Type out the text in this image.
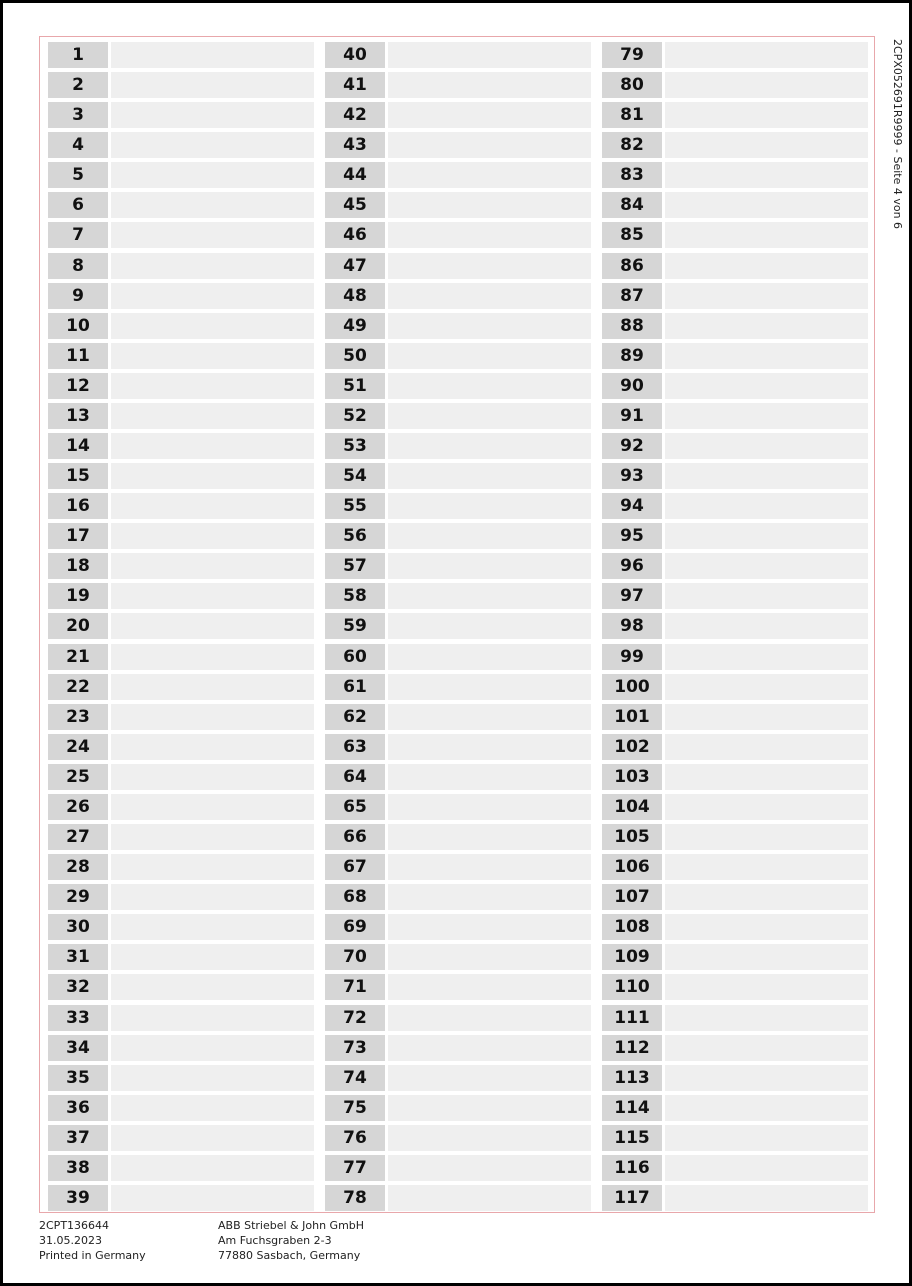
1
2
3
4
5
6
7
8
9
10
11
12
13
14
15
16
17
18
19
20
21
22
23
24
25
26
27
28
29
30
31
32
33
34
35
36
37
38
39
40
41
42
43
44
45
46
47
48
49
50
51
52
53
54
55
56
57
58
59
60
61
62
63
64
65
66
67
68
69
70
71
72
73
74
75
76
77
78
79
80
81
82
83
84
85
86
87
88
89
90
91
92
93
94
95
96
97
98
99
100
101
102
103
104
105
106
107
108
109
110
111
112
113
114
115
116
117
2CPX052691R9999 - Seite 4 von 6
2CPT136644
31.05.2023
Printed in Germany
ABB Striebel & John GmbH
Am Fuchsgraben 2-3
77880 Sasbach, Germany
